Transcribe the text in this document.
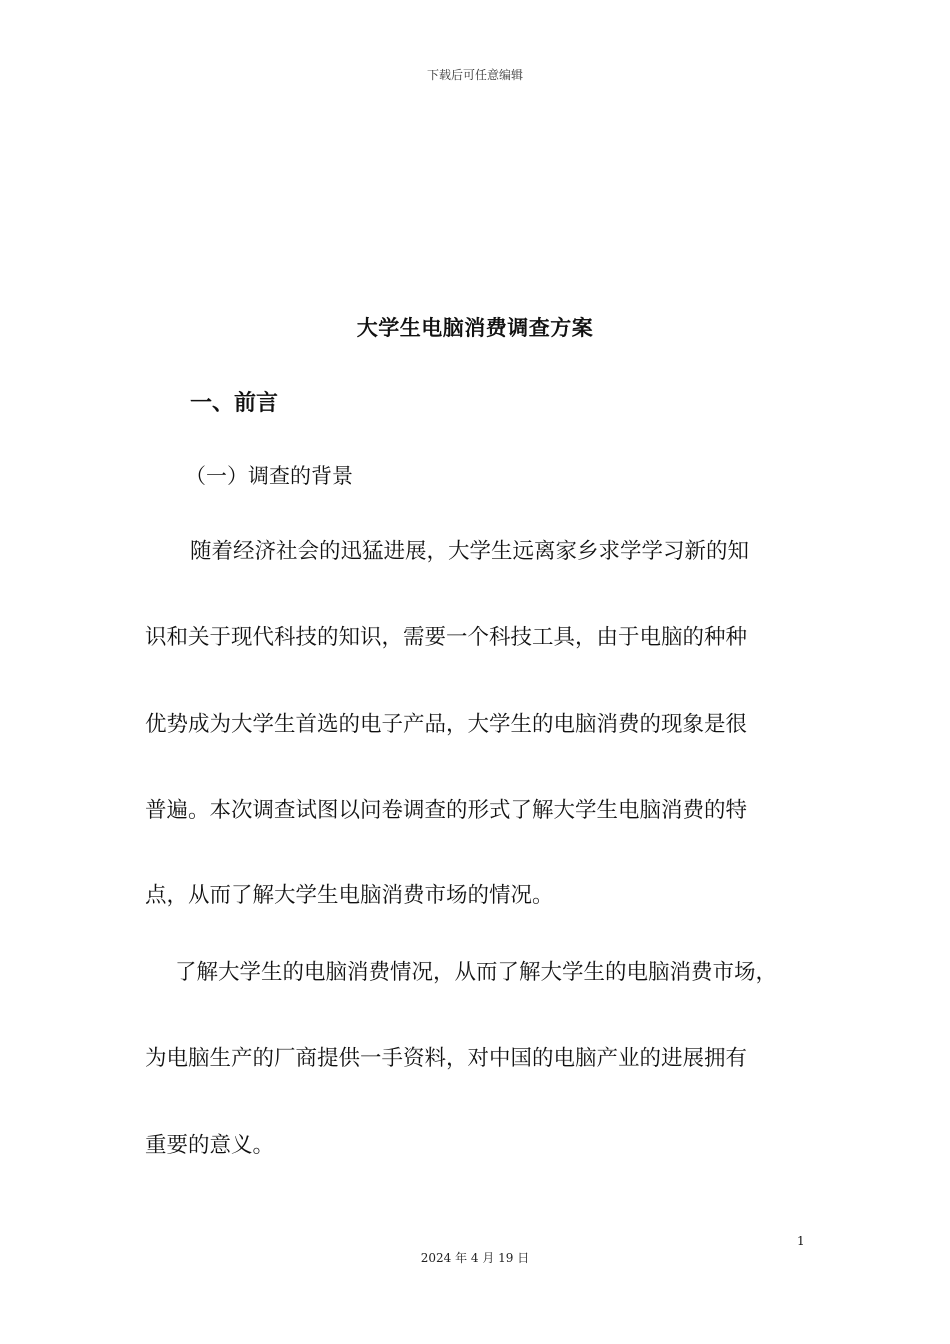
下载后可任意编辑
大学生电脑消费调查方案
一、前言
（一）调查的背景
随着经济社会的迅猛进展，大学生远离家乡求学学习新的知
识和关于现代科技的知识，需要一个科技工具，由于电脑的种种
优势成为大学生首选的电子产品，大学生的电脑消费的现象是很
普遍。本次调查试图以问卷调查的形式了解大学生电脑消费的特
点，从而了解大学生电脑消费市场的情况。
了解大学生的电脑消费情况，从而了解大学生的电脑消费市场，
为电脑生产的厂商提供一手资料，对中国的电脑产业的进展拥有
重要的意义。
1
2024 年 4 月 19 日
